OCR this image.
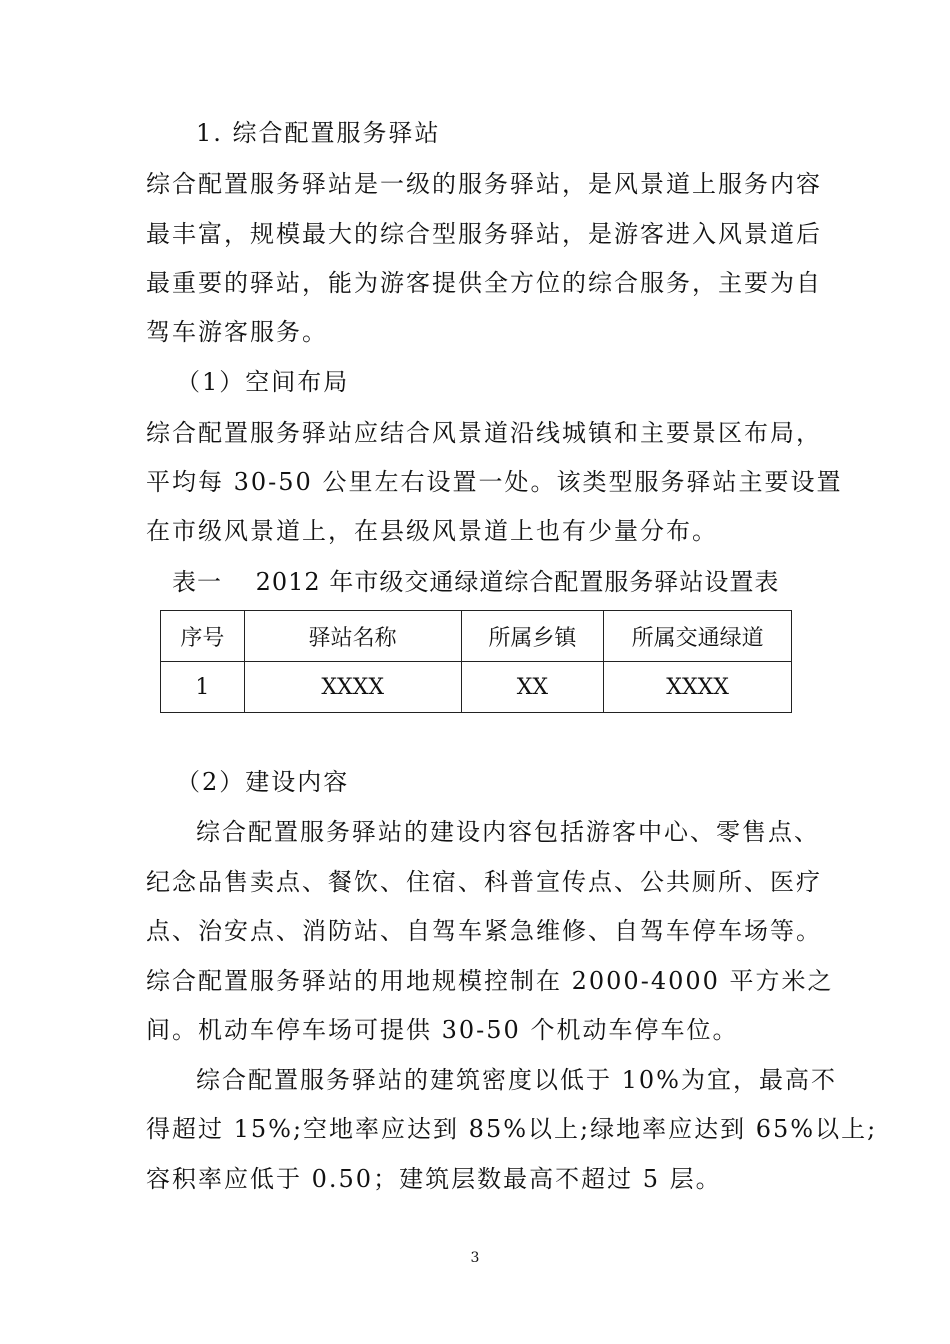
1. 综合配置服务驿站
综合配置服务驿站是一级的服务驿站，是风景道上服务内容
最丰富，规模最大的综合型服务驿站，是游客进入风景道后
最重要的驿站，能为游客提供全方位的综合服务，主要为自
驾车游客服务。
（1）空间布局
综合配置服务驿站应结合风景道沿线城镇和主要景区布局，
平均每 30-50 公里左右设置一处。该类型服务驿站主要设置
在市级风景道上，在县级风景道上也有少量分布。
表一　 2012 年市级交通绿道综合配置服务驿站设置表
序号	驿站名称	所属乡镇	所属交通绿道
1	XXXX	XX	XXXX
（2）建设内容
综合配置服务驿站的建设内容包括游客中心、零售点、
纪念品售卖点、餐饮、住宿、科普宣传点、公共厕所、医疗
点、治安点、消防站、自驾车紧急维修、自驾车停车场等。
综合配置服务驿站的用地规模控制在 2000-4000 平方米之
间。机动车停车场可提供 30-50 个机动车停车位。
综合配置服务驿站的建筑密度以低于 10%为宜，最高不
得超过 15%;空地率应达到 85%以上;绿地率应达到 65%以上;
容积率应低于 0.50；建筑层数最高不超过 5 层。
3
